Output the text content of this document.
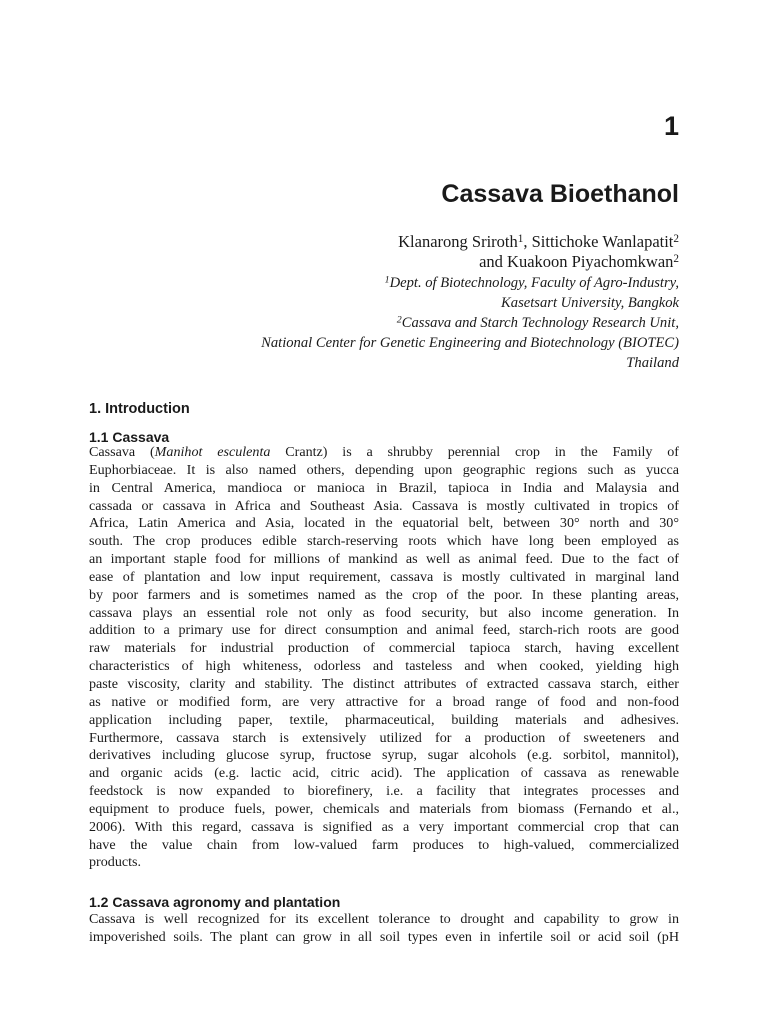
1
Cassava Bioethanol
Klanarong Sriroth$^1$, Sittichoke Wanlapatit$^2$
and Kuakoon Piyachomkwan$^2$
$^1$Dept. of Biotechnology, Faculty of Agro-Industry,
Kasetsart University, Bangkok
$^2$Cassava and Starch Technology Research Unit,
National Center for Genetic Engineering and Biotechnology (BIOTEC)
Thailand
1. Introduction
1.1 Cassava
Cassava (Manihot esculenta Crantz) is a shrubby perennial crop in the Family of
Euphorbiaceae. It is also named others, depending upon geographic regions such as yucca
in Central America, mandioca or manioca in Brazil, tapioca in India and Malaysia and
cassada or cassava in Africa and Southeast Asia. Cassava is mostly cultivated in tropics of
Africa, Latin America and Asia, located in the equatorial belt, between 30° north and 30°
south. The crop produces edible starch-reserving roots which have long been employed as
an important staple food for millions of mankind as well as animal feed. Due to the fact of
ease of plantation and low input requirement, cassava is mostly cultivated in marginal land
by poor farmers and is sometimes named as the crop of the poor. In these planting areas,
cassava plays an essential role not only as food security, but also income generation. In
addition to a primary use for direct consumption and animal feed, starch-rich roots are good
raw materials for industrial production of commercial tapioca starch, having excellent
characteristics of high whiteness, odorless and tasteless and when cooked, yielding high
paste viscosity, clarity and stability. The distinct attributes of extracted cassava starch, either
as native or modified form, are very attractive for a broad range of food and non-food
application including paper, textile, pharmaceutical, building materials and adhesives.
Furthermore, cassava starch is extensively utilized for a production of sweeteners and
derivatives including glucose syrup, fructose syrup, sugar alcohols (e.g. sorbitol, mannitol),
and organic acids (e.g. lactic acid, citric acid). The application of cassava as renewable
feedstock is now expanded to biorefinery, i.e. a facility that integrates processes and
equipment to produce fuels, power, chemicals and materials from biomass (Fernando et al.,
2006). With this regard, cassava is signified as a very important commercial crop that can
have the value chain from low-valued farm produces to high-valued, commercialized
products.
1.2 Cassava agronomy and plantation
Cassava is well recognized for its excellent tolerance to drought and capability to grow in
impoverished soils. The plant can grow in all soil types even in infertile soil or acid soil (pH
